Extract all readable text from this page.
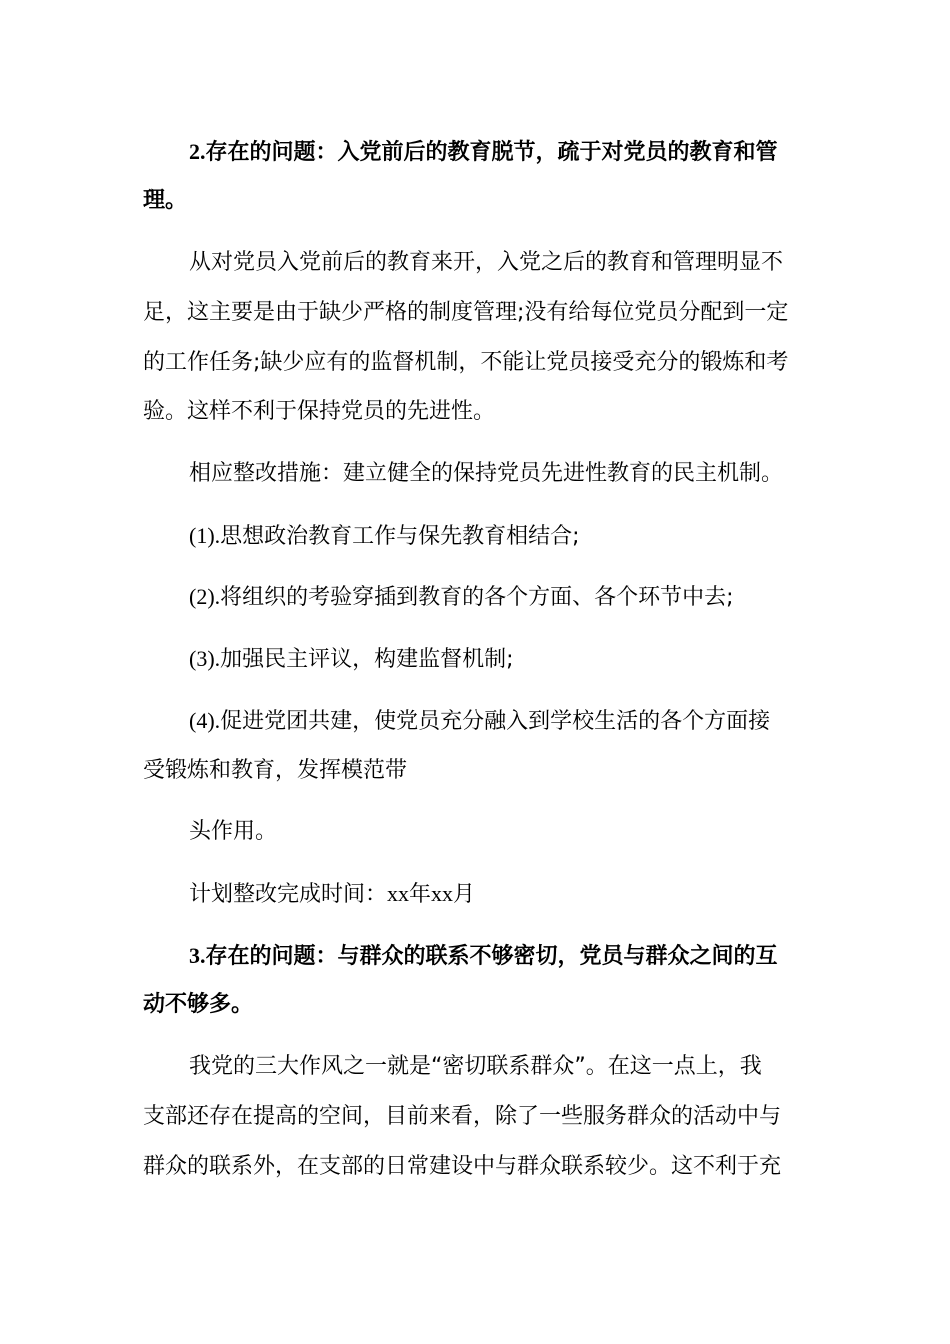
2.存在的问题：入党前后的教育脱节，疏于对党员的教育和管
理。
从对党员入党前后的教育来开，入党之后的教育和管理明显不
足，这主要是由于缺少严格的制度管理;没有给每位党员分配到一定
的工作任务;缺少应有的监督机制，不能让党员接受充分的锻炼和考
验。这样不利于保持党员的先进性。
相应整改措施：建立健全的保持党员先进性教育的民主机制。
(1).思想政治教育工作与保先教育相结合;
(2).将组织的考验穿插到教育的各个方面、各个环节中去;
(3).加强民主评议，构建监督机制;
(4).促进党团共建，使党员充分融入到学校生活的各个方面接
受锻炼和教育，发挥模范带
头作用。
计划整改完成时间：xx年xx月
3.存在的问题：与群众的联系不够密切，党员与群众之间的互
动不够多。
我党的三大作风之一就是“密切联系群众”。在这一点上，我
支部还存在提高的空间，目前来看，除了一些服务群众的活动中与
群众的联系外，在支部的日常建设中与群众联系较少。这不利于充
